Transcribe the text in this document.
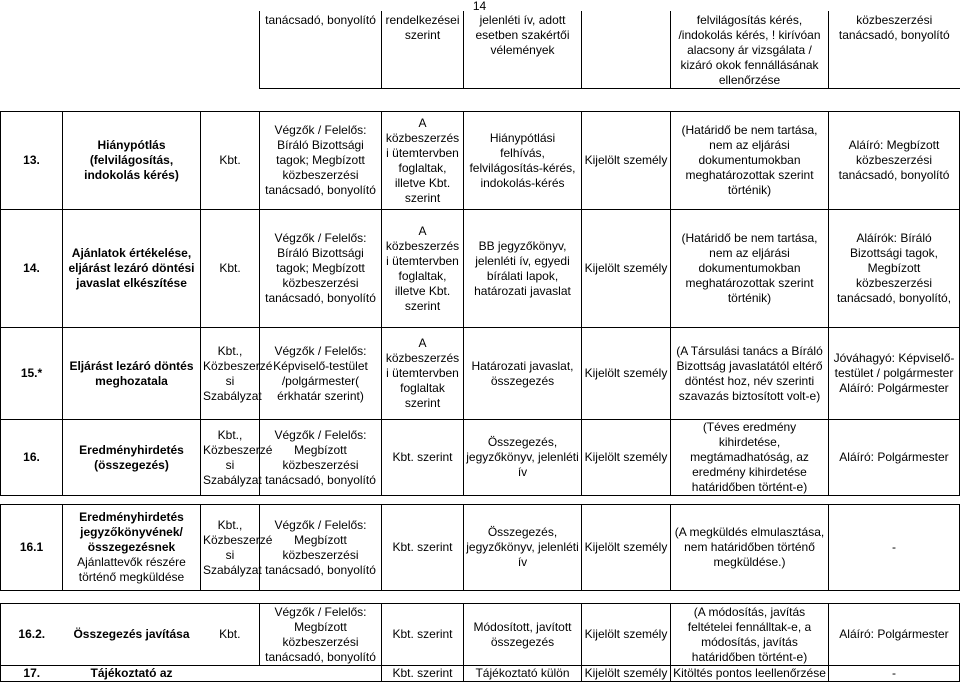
14
			tanácsadó, bonyolító	rendelkezései szerint	jelenléti ív, adott esetben szakértői vélemények		felvilágosítás kérés, /indokolás kérés, ! kirívóan alacsony ár vizsgálata / kizáró okok fennállásának ellenőrzése	közbeszerzési tanácsadó, bonyolító

13.	Hiánypótlás (felvilágosítás, indokolás kérés)	Kbt.	Végzők / Felelős: Bíráló Bizottsági tagok; Megbízott közbeszerzési tanácsadó, bonyolító	A közbeszerzés i ütemtervben foglaltak, illetve Kbt. szerint	Hiánypótlási felhívás, felvilágosítás-kérés, indokolás-kérés	Kijelölt személy	(Határidő be nem tartása, nem az eljárási dokumentumokban meghatározottak szerint történik)	Aláíró: Megbízott közbeszerzési tanácsadó, bonyolító
14.	Ajánlatok értékelése, eljárást lezáró döntési javaslat elkészítése	Kbt.	Végzők / Felelős: Bíráló Bizottsági tagok; Megbízott közbeszerzési tanácsadó, bonyolító	A közbeszerzés i ütemtervben foglaltak, illetve Kbt. szerint	BB jegyzőkönyv, jelenléti ív, egyedi bírálati lapok, határozati javaslat	Kijelölt személy	(Határidő be nem tartása, nem az eljárási dokumentumokban meghatározottak szerint történik)	Aláírók: Bíráló Bizottsági tagok, Megbízott közbeszerzési tanácsadó, bonyolító,
15.*	Eljárást lezáró döntés meghozatala	Kbt., Közbeszerzé si Szabályzat	Végzők / Felelős: Képviselő-testület /polgármester( érkhatár szerint)	A közbeszerzés i ütemtervben foglaltak szerint	Határozati javaslat, összegezés	Kijelölt személy	(A Társulási tanács a Bíráló Bizottság javaslatától eltérő döntést hoz, név szerinti szavazás biztosított volt-e)	Jóváhagyó: Képviselő-testület / polgármester Aláíró: Polgármester
16.	Eredményhirdetés (összegezés)	Kbt., Közbeszerzé si Szabályzat	Végzők / Felelős: Megbízott közbeszerzési tanácsadó, bonyolító	Kbt. szerint	Összegezés, jegyzőkönyv, jelenléti ív	Kijelölt személy	(Téves eredmény kihirdetése, megtámadhatóság, az eredmény kihirdetése határidőben történt-e)	Aláíró: Polgármester

16.1	Eredményhirdetés jegyzőkönyvének/ összegezésnek Ajánlattevők részére történő megküldése	Kbt., Közbeszerzé si Szabályzat	Végzők / Felelős: Megbízott közbeszerzési tanácsadó, bonyolító	Kbt. szerint	Összegezés, jegyzőkönyv, jelenléti ív	Kijelölt személy	(A megküldés elmulasztása, nem határidőben történő megküldése.)	-

16.2.	Összegezés javítása	Kbt.	Végzők / Felelős: Megbízott közbeszerzési tanácsadó, bonyolító	Kbt. szerint	Módosított, javított összegezés	Kijelölt személy	(A módosítás, javítás feltételei fennálltak-e, a módosítás, javítás határidőben történt-e)	Aláíró: Polgármester
17.	Tájékoztató az			Kbt. szerint	Tájékoztató külön	Kijelölt személy	Kitöltés pontos leellenőrzése	-
